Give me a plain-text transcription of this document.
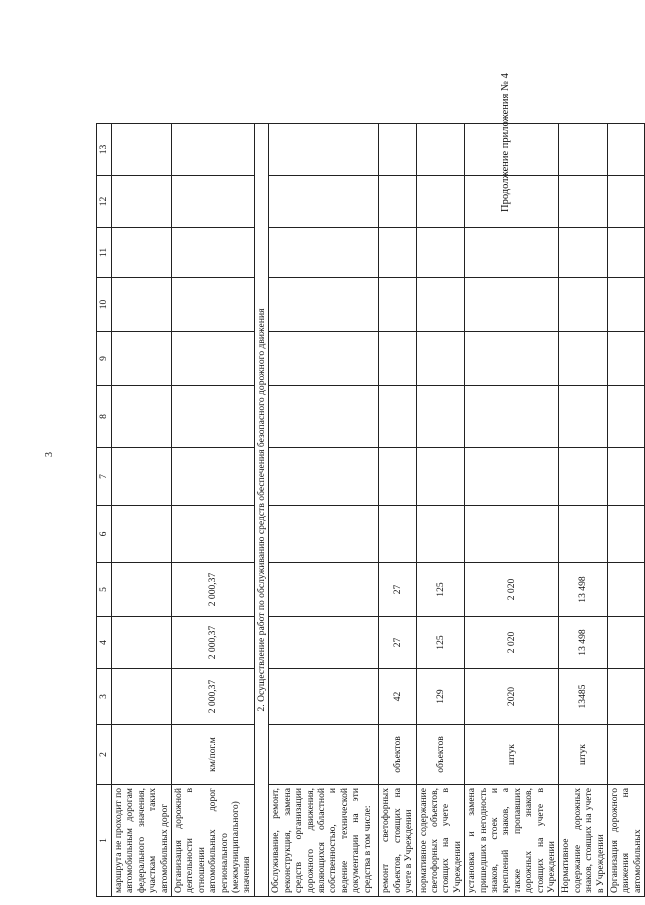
Продолжение приложения № 4
3
1	2	3	4	5	6	7	8	9	10	11	12	13
маршрута не проходит по автомобильным дорогам федерального значения, участкам таких автомобильных дорог												
Организация дорожной деятельности в отношении автомобильных дорог регионального (межмуниципального) значения	км/пог.м	2 000,37	2 000,37	2 000,37								
2. Осуществление работ по обслуживанию средств обеспечения безопасного дорожного движения												
Обслуживание, ремонт, реконструкция, замена средств организации дорожного движения, являющихся областной собственностью, и ведение технической документации на эти средства в том числе:												
ремонт светофорных объектов, стоящих на учете в Учреждении	объектов	42	27	27								
нормативное содержание светофорных объектов, стоящих на учете в Учреждении	объектов	129	125	125								
установка и замена пришедших в негодность знаков, стоек и креплений знаков, а также пропавших дорожных знаков, стоящих на учете в Учреждении	штук	2020	2 020	2 020								
Нормативное содержание дорожных знаков, стоящих на учете в Учреждении	штук	13485	13 498	13 498								
Организация дорожного движения на автомобильных												
